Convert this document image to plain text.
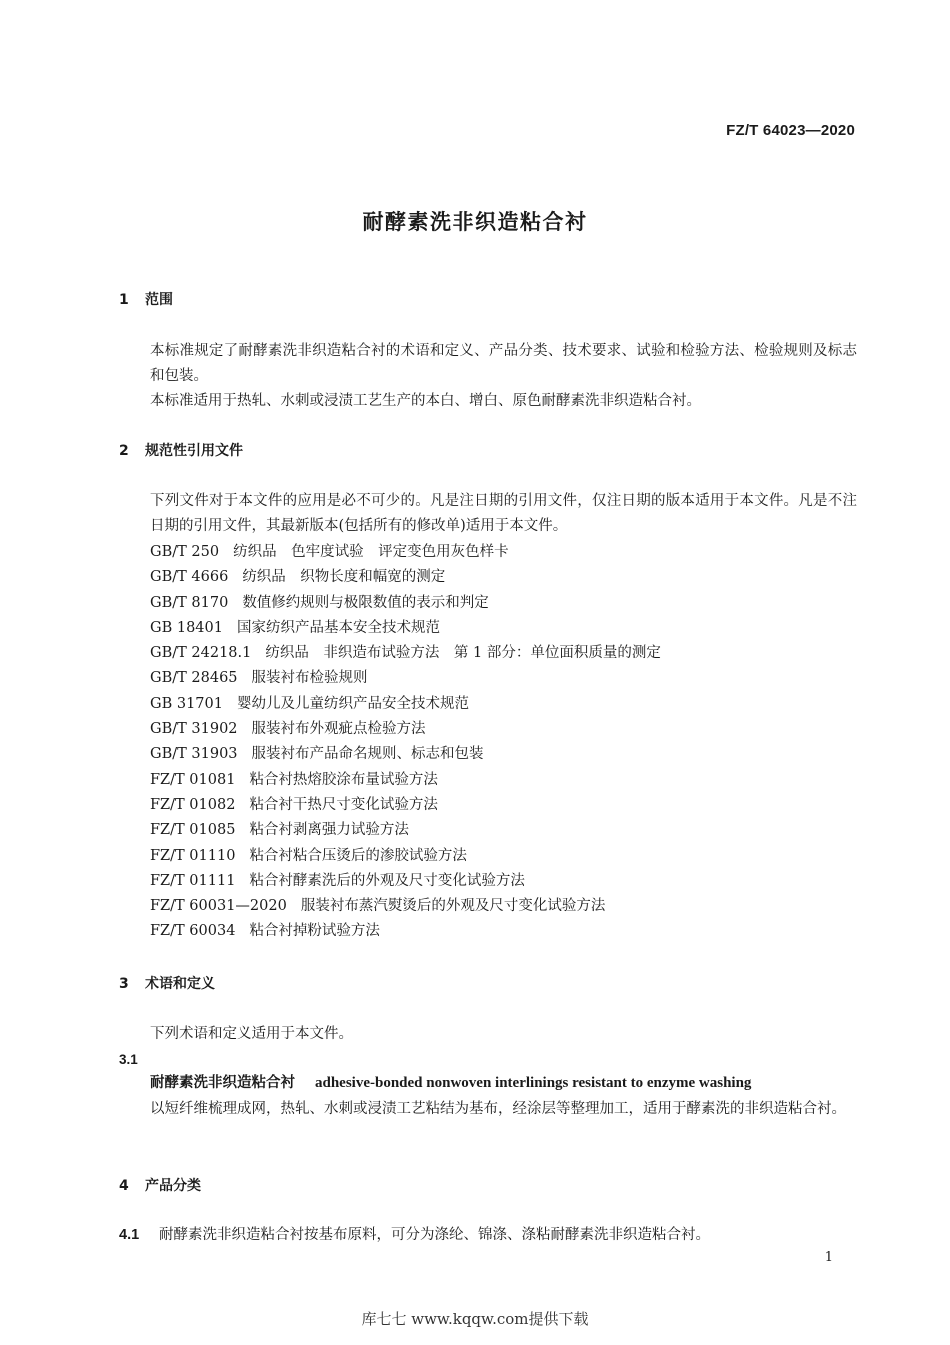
FZ/T 64023—2020
耐酵素洗非织造粘合衬
1 范围
本标准规定了耐酵素洗非织造粘合衬的术语和定义、产品分类、技术要求、试验和检验方法、检验规则及标志和包装。
本标准适用于热轧、水刺或浸渍工艺生产的本白、增白、原色耐酵素洗非织造粘合衬。
2 规范性引用文件
下列文件对于本文件的应用是必不可少的。凡是注日期的引用文件，仅注日期的版本适用于本文件。凡是不注日期的引用文件，其最新版本(包括所有的修改单)适用于本文件。
GB/T 250 纺织品　色牢度试验　评定变色用灰色样卡
GB/T 4666 纺织品　织物长度和幅宽的测定
GB/T 8170 数值修约规则与极限数值的表示和判定
GB 18401 国家纺织产品基本安全技术规范
GB/T 24218.1 纺织品　非织造布试验方法　第 1 部分：单位面积质量的测定
GB/T 28465 服装衬布检验规则
GB 31701 婴幼儿及儿童纺织产品安全技术规范
GB/T 31902 服装衬布外观疵点检验方法
GB/T 31903 服装衬布产品命名规则、标志和包装
FZ/T 01081 粘合衬热熔胶涂布量试验方法
FZ/T 01082 粘合衬干热尺寸变化试验方法
FZ/T 01085 粘合衬剥离强力试验方法
FZ/T 01110 粘合衬粘合压烫后的渗胶试验方法
FZ/T 01111 粘合衬酵素洗后的外观及尺寸变化试验方法
FZ/T 60031—2020 服装衬布蒸汽熨烫后的外观及尺寸变化试验方法
FZ/T 60034 粘合衬掉粉试验方法
3 术语和定义
下列术语和定义适用于本文件。
3.1
耐酵素洗非织造粘合衬 adhesive-bonded nonwoven interlinings resistant to enzyme washing
以短纤维梳理成网，热轧、水刺或浸渍工艺粘结为基布，经涂层等整理加工，适用于酵素洗的非织造粘合衬。
4 产品分类
4.1 耐酵素洗非织造粘合衬按基布原料，可分为涤纶、锦涤、涤粘耐酵素洗非织造粘合衬。
1
库七七 www.kqqw.com提供下载
